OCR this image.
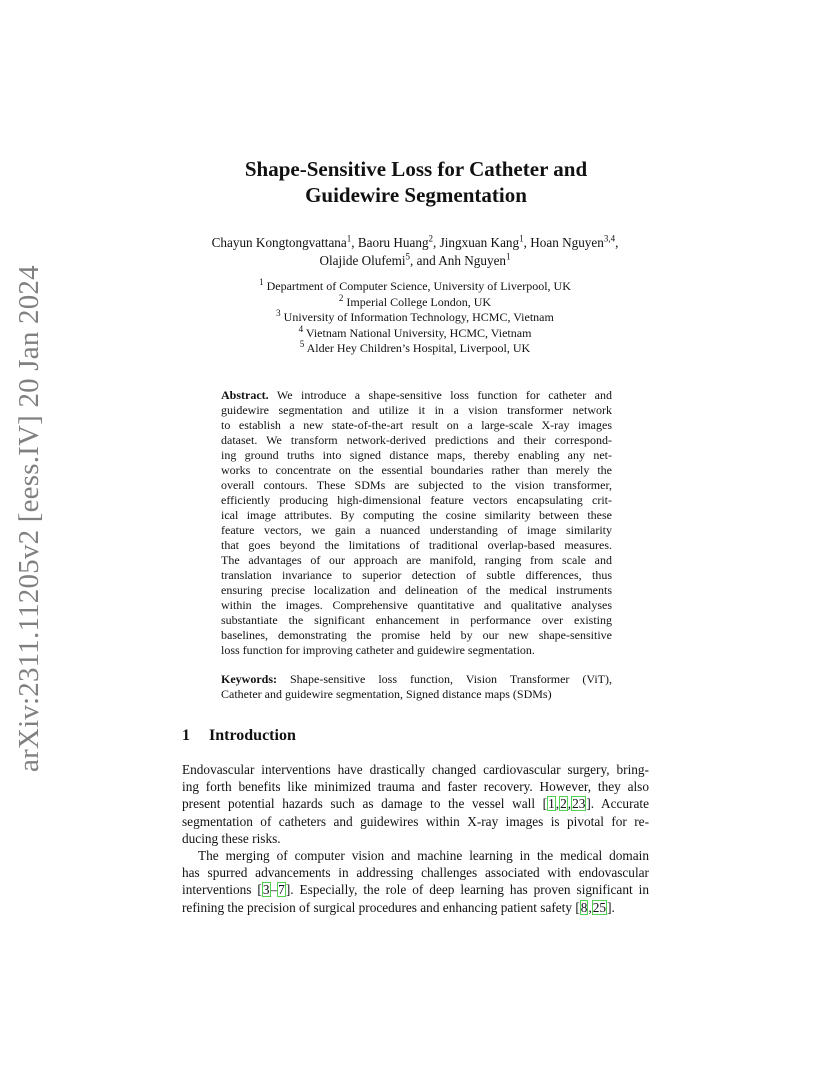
arXiv:2311.11205v2 [eess.IV] 20 Jan 2024
Shape-Sensitive Loss for Catheter and
Guidewire Segmentation
Chayun Kongtongvattana$^1$, Baoru Huang$^2$, Jingxuan Kang$^1$, Hoan Nguyen$^{3,4}$,
Olajide Olufemi$^5$, and Anh Nguyen$^1$
$^1$ Department of Computer Science, University of Liverpool, UK
$^2$ Imperial College London, UK
$^3$ University of Information Technology, HCMC, Vietnam
$^4$ Vietnam National University, HCMC, Vietnam
$^5$ Alder Hey Children’s Hospital, Liverpool, UK
Abstract. We introduce a shape-sensitive loss function for catheter and
guidewire segmentation and utilize it in a vision transformer network
to establish a new state-of-the-art result on a large-scale X-ray images
dataset. We transform network-derived predictions and their correspond-
ing ground truths into signed distance maps, thereby enabling any net-
works to concentrate on the essential boundaries rather than merely the
overall contours. These SDMs are subjected to the vision transformer,
efficiently producing high-dimensional feature vectors encapsulating crit-
ical image attributes. By computing the cosine similarity between these
feature vectors, we gain a nuanced understanding of image similarity
that goes beyond the limitations of traditional overlap-based measures.
The advantages of our approach are manifold, ranging from scale and
translation invariance to superior detection of subtle differences, thus
ensuring precise localization and delineation of the medical instruments
within the images. Comprehensive quantitative and qualitative analyses
substantiate the significant enhancement in performance over existing
baselines, demonstrating the promise held by our new shape-sensitive
loss function for improving catheter and guidewire segmentation.
Keywords: Shape-sensitive loss function, Vision Transformer (ViT),
Catheter and guidewire segmentation, Signed distance maps (SDMs)
1 Introduction
Endovascular interventions have drastically changed cardiovascular surgery, bring-
ing forth benefits like minimized trauma and faster recovery. However, they also
present potential hazards such as damage to the vessel wall [1,2,23]. Accurate
segmentation of catheters and guidewires within X-ray images is pivotal for re-
ducing these risks.
The merging of computer vision and machine learning in the medical domain
has spurred advancements in addressing challenges associated with endovascular
interventions [3–7]. Especially, the role of deep learning has proven significant in
refining the precision of surgical procedures and enhancing patient safety [8,25].
